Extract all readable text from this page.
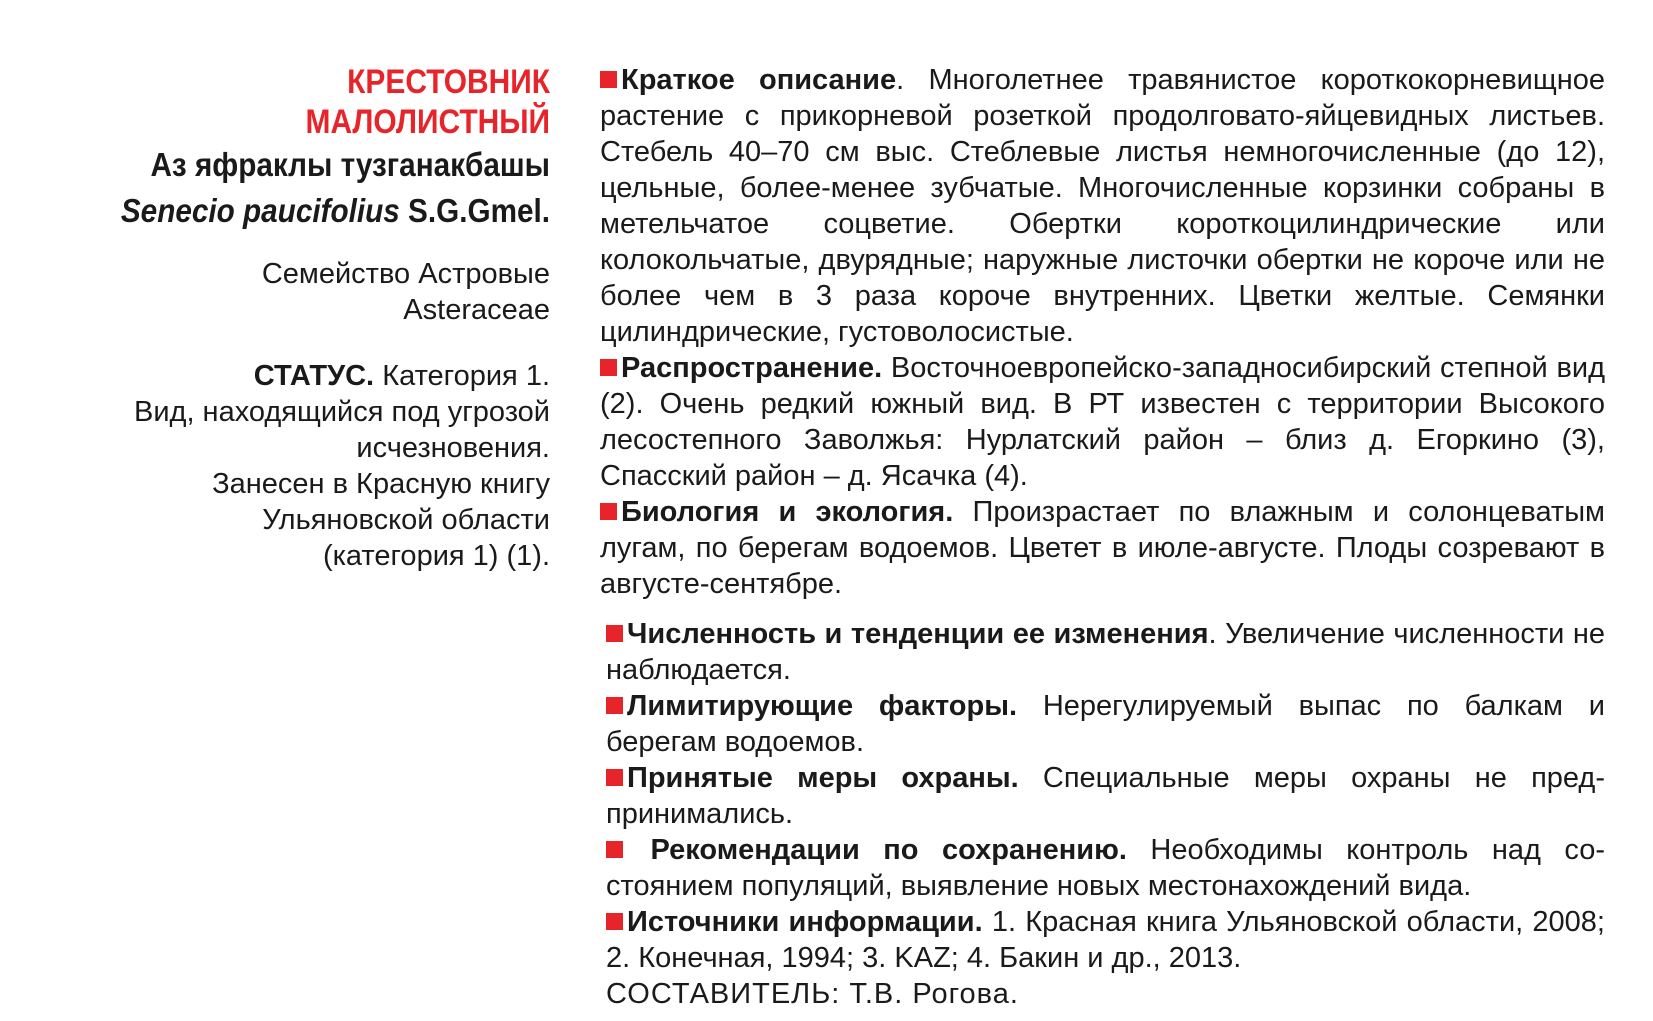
КРЕСТОВНИК
МАЛОЛИСТНЫЙ
Аз яфраклы тузганакбашы
Senecio paucifolius S.G.Gmel.
Семейство Астровые
Asteraceae
СТАТУС. Категория 1.
Вид, находящийся под угрозой
исчезновения.
Занесен в Красную книгу
Ульяновской области
(категория 1) (1).

Краткое описание. Многолетнее травянистое короткокорневищное растение с прикорневой розеткой продолговато-яйцевидных листьев. Стебель 40–70 см выс. Стеблевые листья немногочисленные (до 12), цельные, более-менее зубчатые. Многочисленные корзинки собраны в метельчатое соцветие. Обертки короткоцилиндрические или колокольчатые, двурядные; наружные листочки обертки не короче или не более чем в 3 раза короче внутренних. Цветки желтые. Семянки цилиндрические, густоволосистые.

Распространение. Восточноевропейско-западносибирский степной вид (2). Очень редкий южный вид. В РТ известен с территории Высокого лесостепного Заволжья: Нурлатский район – близ д. Егоркино (3), Спасский район – д. Ясачка (4).

Биология и экология. Произрастает по влажным и солонцеватым лугам, по берегам водоемов. Цветет в июле-августе. Плоды созревают в августе-сентябре.

Численность и тенденции ее изменения. Увеличение численности не наблюдается.

Лимитирующие факторы. Нерегулируемый выпас по балкам и берегам водоемов.

Принятые меры охраны. Специальные меры охраны не предпринимались.

Рекомендации по сохранению. Необходимы контроль над состоянием популяций, выявление новых местонахождений вида.

Источники информации. 1. Красная книга Ульяновской области, 2008; 2. Конечная, 1994; 3. KAZ; 4. Бакин и др., 2013.

СОСТАВИТЕЛЬ: Т.В. Рогова.
